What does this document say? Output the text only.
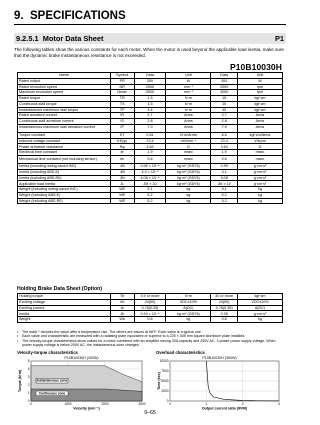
9. SPECIFICATIONS
9.2.5.1 Motor Data Sheet	P1

The following tables show the various constants for each motor. When the motor is used beyond the applicable load inertia, make sure that the dynamic brake instantaneous resistance is not exceeded.

P10B10030H
Name	Symbol	Data	Unit	Data	Unit
Rated output	PR	300	W	300	W
Rated revolution speed	NR	2000	min⁻¹	2000	rpm
Maximum revolution speed	Nmax	3000	min⁻¹	3000	rpm
Rated torque	TR	1.5	N·m	15	kgf·cm
Continuous stall torque	TS	1.5	N·m	15	kgf·cm
Instantaneous maximum stall torque	TP	4.4	N·m	45	kgf·cm
Rated armature current	IR	2.7	Arms	2.7	Arms
Continuous stall armature current	IS	2.8	Arms	2.8	Arms
Instantaneous maximum stall armature current	IP	7.9	Arms	7.9	Arms
Torque constant	KT	0.61	N·m/Arms	6.6	kgf·cm/Arms
Induced voltage constant	KE(φ)	23.4	mV/min⁻¹	23.4	V/krpm
Phase armature resistance	Rφ	3.63	Ω	3.63	Ω
Electrical time constant	te	1.9	msec	1.9	msec
Mechanical time constant (not including sensor)	tm	0.6	msec	0.6	msec
Inertia (including wiring-saved INC)	JM	0.99 × 10⁻⁴	kg·m² (GD²/4)	0.99	g·cm·s²
Inertia (including ABS-E)	JM	4.0 × 10⁻⁴	kg·m² (GD²/4)	4.1	g·cm·s²
Inertia (including ABS-RII)	JM	4.08 × 10⁻⁴	kg·m² (GD²/4)	4.08	g·cm·s²
Applicable load inertia	JL	JM × 10	kg·m² (GD²/4)	JM × 10	g·cm·s²
Weight (including wiring-saved INC)	WE	5.1	kg	5.1	kg
Weight (including ABS-E)	WE	5.2	kg	5.2	kg
Weight (including ABS-RII)	WE	5.2	kg	5.2	kg
Holding Brake Data Sheet (Option)
Holding torque	Tb	0.9 or more	N·m	40 or more	kgf·cm
Exciting voltage	Vb	24(90)	VDC±10%	24(90)	VDC±10%
Exciting current	Ib	0.76(0.35)	A(DC)	0.76(0.35)	A(DC)
Inertia	Jb	0.34 × 10⁻⁴	kg·m² (GD²/4)	0.35	g·cm·s²
Weight	Wb	0.8	kg	0.8	kg
• The mark * denotes the value after a temperature rise. The others are values at 68°F. Each value is a typical one.
• Each value and characteristic are measured with a radiating plate equivalent or superior to a 225 × 305 mm square aluminum plate installed.
• The velocity-torque characteristics show values for a motor combined with an amplifier having 3VA capacity and 200V AC, 3-phase power supply voltage. When power supply voltage is below 200V AC, the instantaneous zone changes.
Velocity-torque characteristics
P10B10030H (300W)
0	1000	2000	3000
0
1
2
3
4
5
Velocity (min⁻¹)
Torque (N·m)	Instantaneous zone
Continuous zone
Overload characteristics
P10B10030H (300W)
0	1	2	3
0
2500
5000
7500
10000
Output current ratio (IP/IR)
Time (sec)
9–65
